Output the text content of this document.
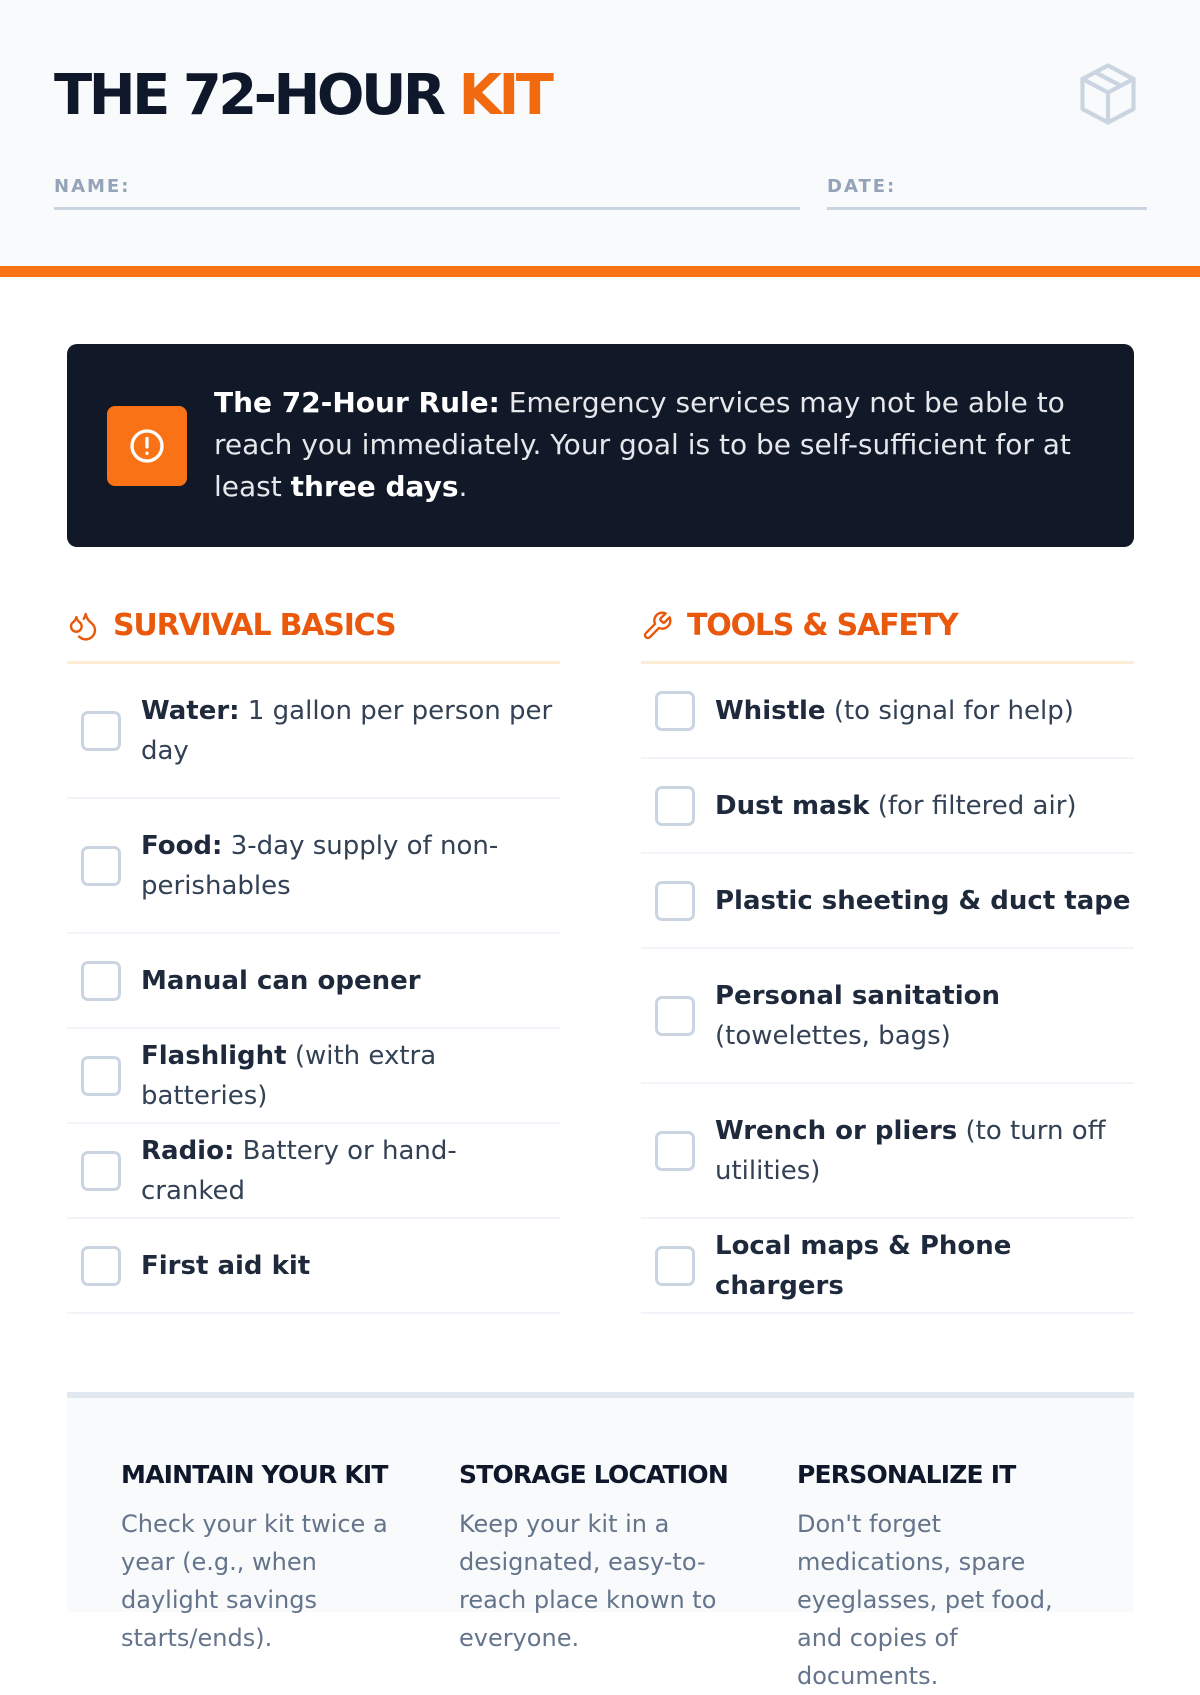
THE 72-HOUR KIT
NAME:	DATE:
The 72-Hour Rule: Emergency services may not be able to reach you immediately. Your goal is to be self-sufficient for at least three days.
SURVIVAL BASICS
Water: 1 gallon per person per day
Food: 3-day supply of non-perishables
Manual can opener
Flashlight (with extra batteries)
Radio: Battery or hand-cranked
First aid kit
TOOLS & SAFETY
Whistle (to signal for help)
Dust mask (for filtered air)
Plastic sheeting & duct tape
Personal sanitation (towelettes, bags)
Wrench or pliers (to turn off utilities)
Local maps & Phone chargers
MAINTAIN YOUR KIT
Check your kit twice a year (e.g., when daylight savings starts/ends).
STORAGE LOCATION
Keep your kit in a designated, easy-to-reach place known to everyone.
PERSONALIZE IT
Don't forget medications, spare eyeglasses, pet food, and copies of documents.
